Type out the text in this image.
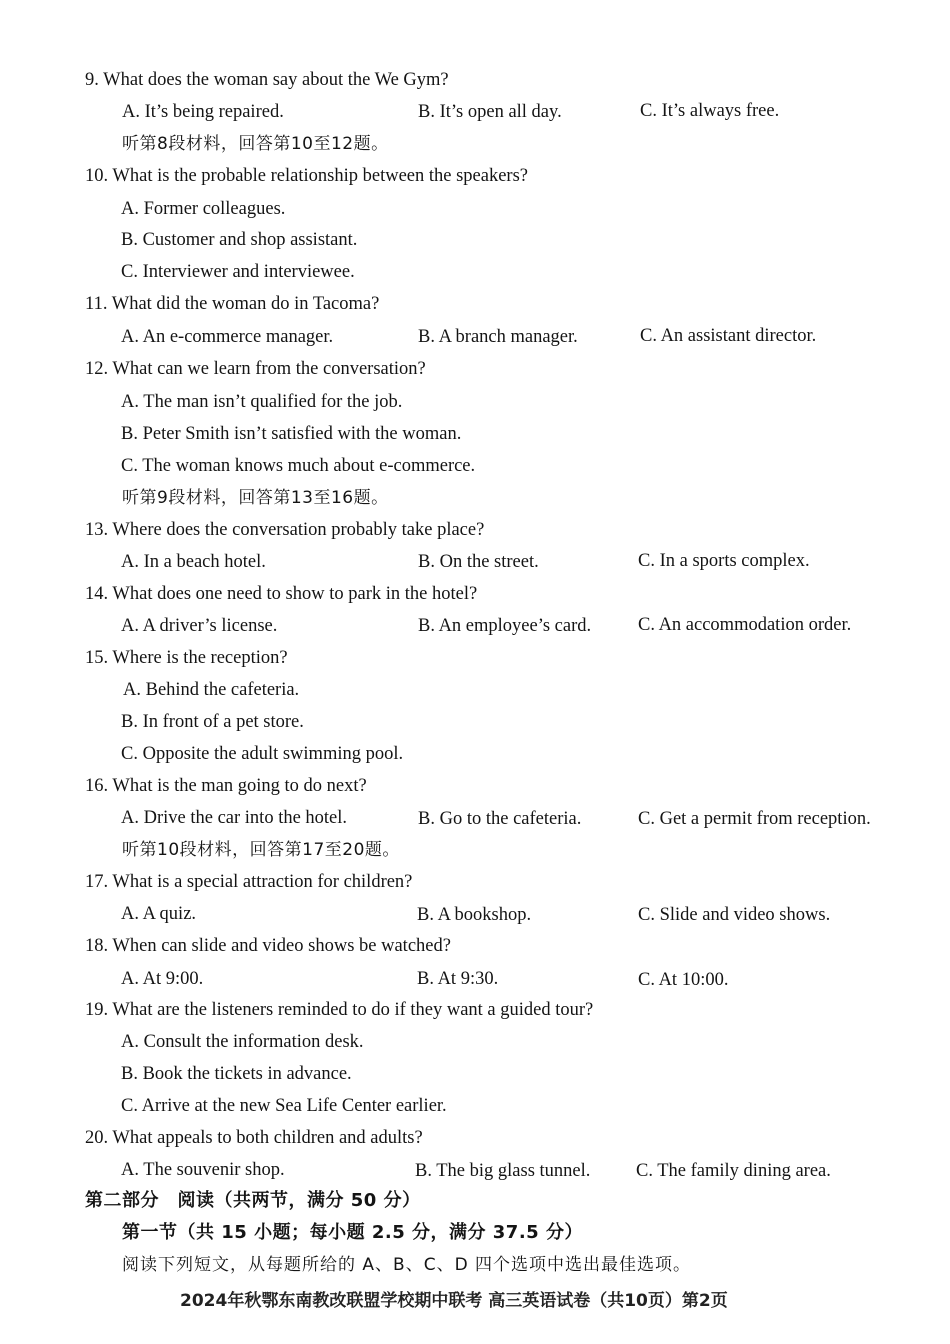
9. What does the woman say about the We Gym?
A. It’s being repaired.	B. It’s open all day.	C. It’s always free.
听第8段材料，回答第10至12题。
10. What is the probable relationship between the speakers?
A. Former colleagues.
B. Customer and shop assistant.
C. Interviewer and interviewee.
11. What did the woman do in Tacoma?
A. An e-commerce manager.	B. A branch manager.	C. An assistant director.
12. What can we learn from the conversation?
A. The man isn’t qualified for the job.
B. Peter Smith isn’t satisfied with the woman.
C. The woman knows much about e-commerce.
听第9段材料，回答第13至16题。
13. Where does the conversation probably take place?
A. In a beach hotel.	B. On the street.	C. In a sports complex.
14. What does one need to show to park in the hotel?
A. A driver’s license.	B. An employee’s card.	C. An accommodation order.
15. Where is the reception?
A. Behind the cafeteria.
B. In front of a pet store.
C. Opposite the adult swimming pool.
16. What is the man going to do next?
A. Drive the car into the hotel.	B. Go to the cafeteria.	C. Get a permit from reception.
听第10段材料，回答第17至20题。
17. What is a special attraction for children?
A. A quiz.	B. A bookshop.	C. Slide and video shows.
18. When can slide and video shows be watched?
A. At 9:00.	B. At 9:30.	C. At 10:00.
19. What are the listeners reminded to do if they want a guided tour?
A. Consult the information desk.
B. Book the tickets in advance.
C. Arrive at the new Sea Life Center earlier.
20. What appeals to both children and adults?
A. The souvenir shop.	B. The big glass tunnel. C. The family dining area.
第二部分　阅读（共两节，满分 50 分）
第一节（共 15 小题；每小题 2.5 分，满分 37.5 分）
阅读下列短文，从每题所给的 A、B、C、D 四个选项中选出最佳选项。
2024年秋鄂东南教改联盟学校期中联考 高三英语试卷（共10页）第2页
